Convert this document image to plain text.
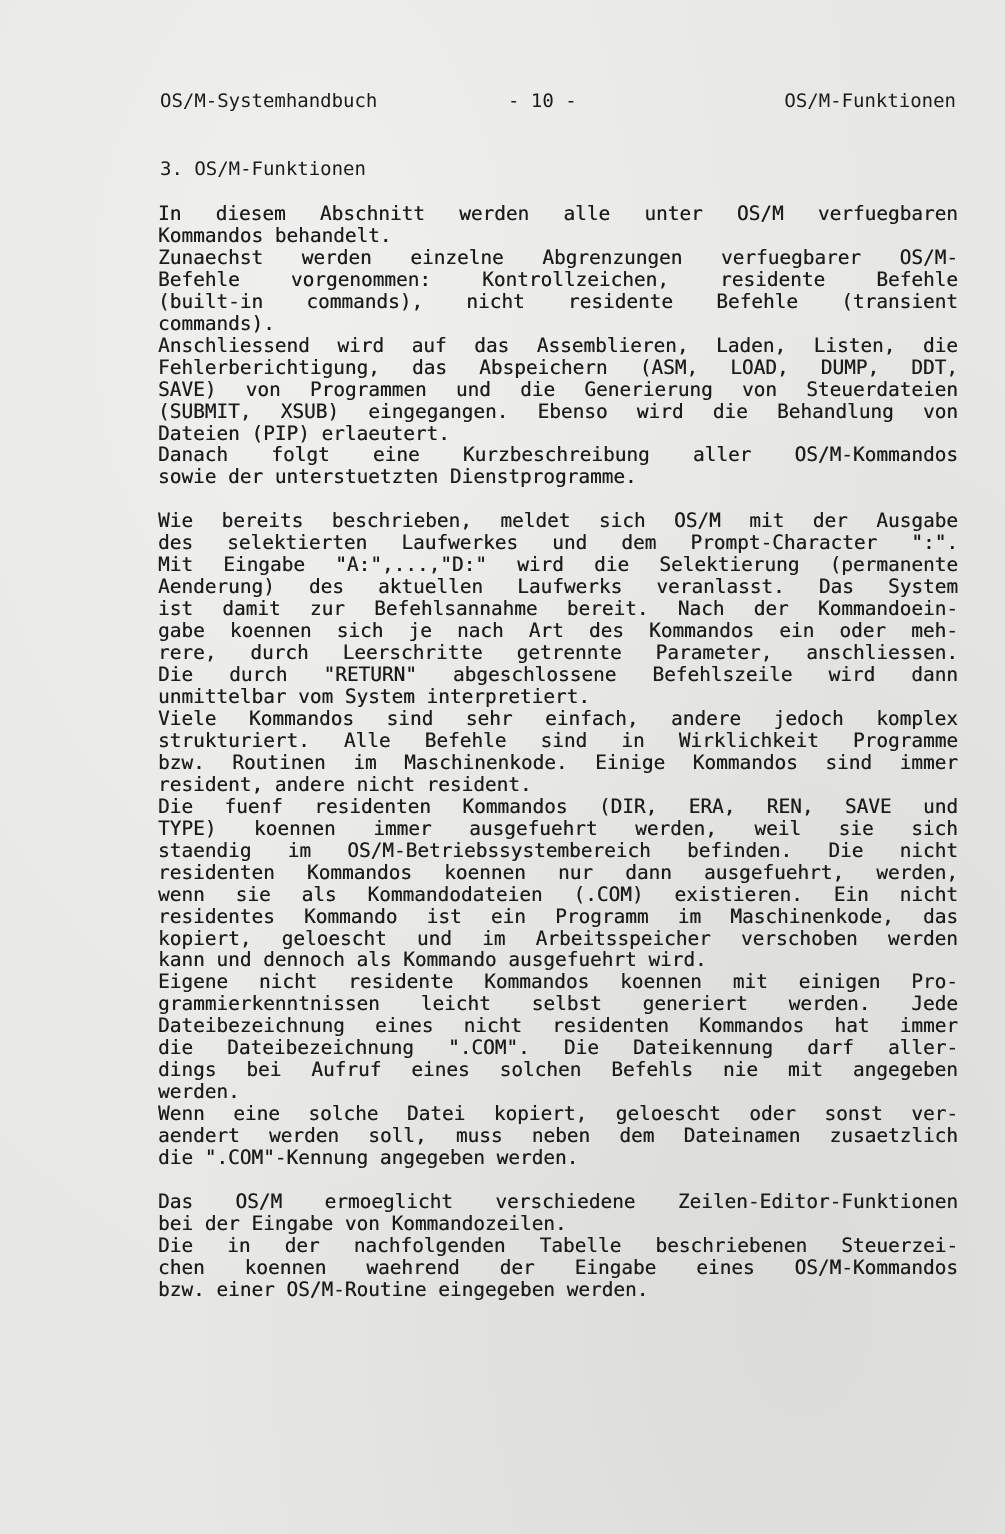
OS/M-Systemhandbuch	- 10 -	OS/M-Funktionen
3. OS/M-Funktionen
In diesem Abschnitt werden alle unter OS/M verfuegbaren
Kommandos behandelt.
Zunaechst werden einzelne Abgrenzungen verfuegbarer OS/M-
Befehle	vorgenommen:	Kontrollzeichen,	residente	Befehle
(built-in commands), nicht residente Befehle (transient
commands).
Anschliessend wird auf das Assemblieren, Laden, Listen, die
Fehlerberichtigung, das Abspeichern (ASM, LOAD, DUMP, DDT,
SAVE) von Programmen und die Generierung von Steuerdateien
(SUBMIT, XSUB) eingegangen. Ebenso wird die Behandlung von
Dateien (PIP) erlaeutert.
Danach folgt eine Kurzbeschreibung aller OS/M-Kommandos
sowie der unterstuetzten Dienstprogramme.
Wie bereits beschrieben, meldet sich OS/M mit der Ausgabe
des selektierten Laufwerkes und dem Prompt-Character ":".
Mit Eingabe "A:",...,"D:" wird die Selektierung (permanente
Aenderung) des aktuellen Laufwerks veranlasst. Das System
ist damit zur Befehlsannahme bereit. Nach der Kommandoein-
gabe koennen sich je nach Art des Kommandos ein oder meh-
rere, durch Leerschritte getrennte Parameter, anschliessen.
Die durch "RETURN" abgeschlossene Befehlszeile wird dann
unmittelbar vom System interpretiert.
Viele Kommandos sind sehr einfach, andere jedoch komplex
strukturiert. Alle Befehle sind in Wirklichkeit Programme
bzw. Routinen im Maschinenkode. Einige Kommandos sind immer
resident, andere nicht resident.
Die fuenf residenten Kommandos (DIR, ERA, REN, SAVE und
TYPE) koennen immer ausgefuehrt werden, weil sie sich
staendig im OS/M-Betriebssystembereich befinden. Die nicht
residenten Kommandos koennen nur dann ausgefuehrt, werden,
wenn sie als Kommandodateien (.COM) existieren. Ein nicht
residentes Kommando ist ein Programm im Maschinenkode, das
kopiert, geloescht und im Arbeitsspeicher verschoben werden
kann und dennoch als Kommando ausgefuehrt wird.
Eigene nicht residente Kommandos koennen mit einigen Pro-
grammierkenntnissen leicht selbst generiert werden. Jede
Dateibezeichnung eines nicht residenten Kommandos hat immer
die Dateibezeichnung ".COM". Die Dateikennung darf aller-
dings bei Aufruf eines solchen Befehls nie mit angegeben
werden.
Wenn eine solche Datei kopiert, geloescht oder sonst ver-
aendert werden soll, muss neben dem Dateinamen zusaetzlich
die ".COM"-Kennung angegeben werden.
Das OS/M ermoeglicht verschiedene Zeilen-Editor-Funktionen
bei der Eingabe von Kommandozeilen.
Die in der nachfolgenden Tabelle beschriebenen Steuerzei-
chen koennen waehrend der Eingabe eines OS/M-Kommandos
bzw. einer OS/M-Routine eingegeben werden.
